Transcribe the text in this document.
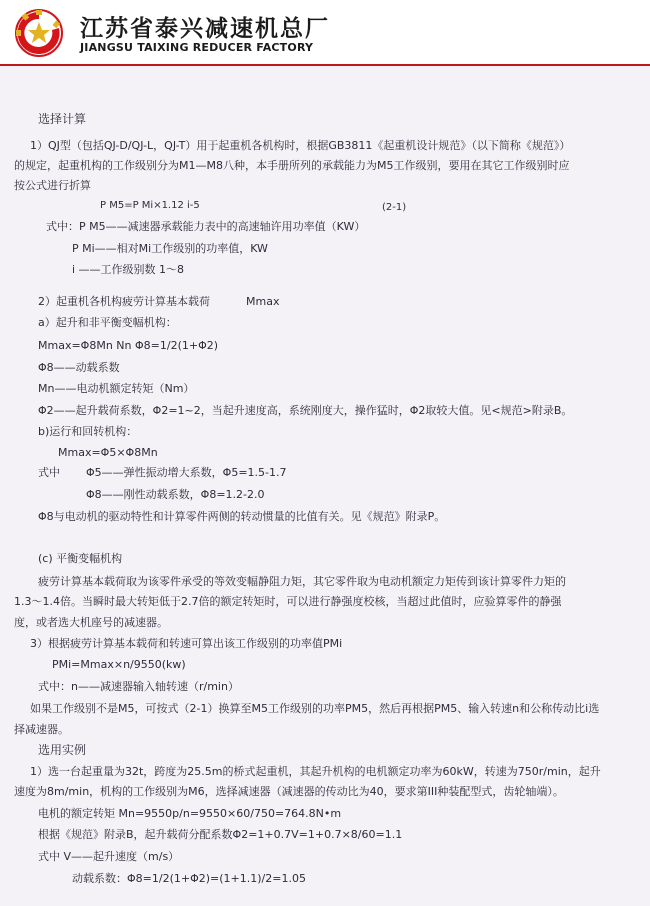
江苏省泰兴减速机总厂
JIANGSU TAIXING REDUCER FACTORY
选择计算
1）QJ型（包括QJ-D/QJ-L，QJ-T）用于起重机各机构时，根据GB3811《起重机设计规范》（以下简称《规范》）
的规定，起重机构的工作级别分为M1—M8八种，本手册所列的承载能力为M5工作级别，要用在其它工作级别时应
按公式进行折算
P M5=P Mi×1.12 i-5	(2-1)
式中：P M5——减速器承载能力表中的高速轴许用功率值（KW）
P Mi——相对Mi工作级别的功率值，KW
i ——工作级别数 1～8
2）起重机各机构疲劳计算基本载荷	Mmax
a）起升和非平衡变幅机构：
Mmax=Φ8Mn Nn Φ8=1/2(1+Φ2)
Φ8——动载系数
Mn——电动机额定转矩（Nm）
Φ2——起升载荷系数，Φ2=1~2，当起升速度高，系统刚度大，操作猛时，Φ2取较大值。见<规范>附录B。
b)运行和回转机构：
Mmax=Φ5×Φ8Mn
式中 Φ5——弹性振动增大系数，Φ5=1.5-1.7
Φ8——刚性动载系数，Φ8=1.2-2.0
Φ8与电动机的驱动特性和计算零件两侧的转动惯量的比值有关。见《规范》附录P。
(c) 平衡变幅机构
疲劳计算基本载荷取为该零件承受的等效变幅静阻力矩，其它零件取为电动机额定力矩传到该计算零件力矩的
1.3～1.4倍。当瞬时最大转矩低于2.7倍的额定转矩时，可以进行静强度校核，当超过此值时，应验算零件的静强
度，或者选大机座号的减速器。
3）根据疲劳计算基本载荷和转速可算出该工作级别的功率值PMi
PMi=Mmax×n/9550(kw)
式中：n——减速器输入轴转速（r/min）
如果工作级别不是M5，可按式（2-1）换算至M5工作级别的功率PM5，然后再根据PM5、输入转速n和公称传动比i选
择减速器。
选用实例
1）选一台起重量为32t，跨度为25.5m的桥式起重机，其起升机构的电机额定功率为60kW，转速为750r/min，起升
速度为8m/min，机构的工作级别为M6，选择减速器（减速器的传动比为40，要求第III种装配型式，齿轮轴端）。
电机的额定转矩 Mn=9550p/n=9550×60/750=764.8N•m
根据《规范》附录B，起升载荷分配系数Φ2=1+0.7V=1+0.7×8/60=1.1
式中 V——起升速度（m/s）
动载系数：Φ8=1/2(1+Φ2)=(1+1.1)/2=1.05
